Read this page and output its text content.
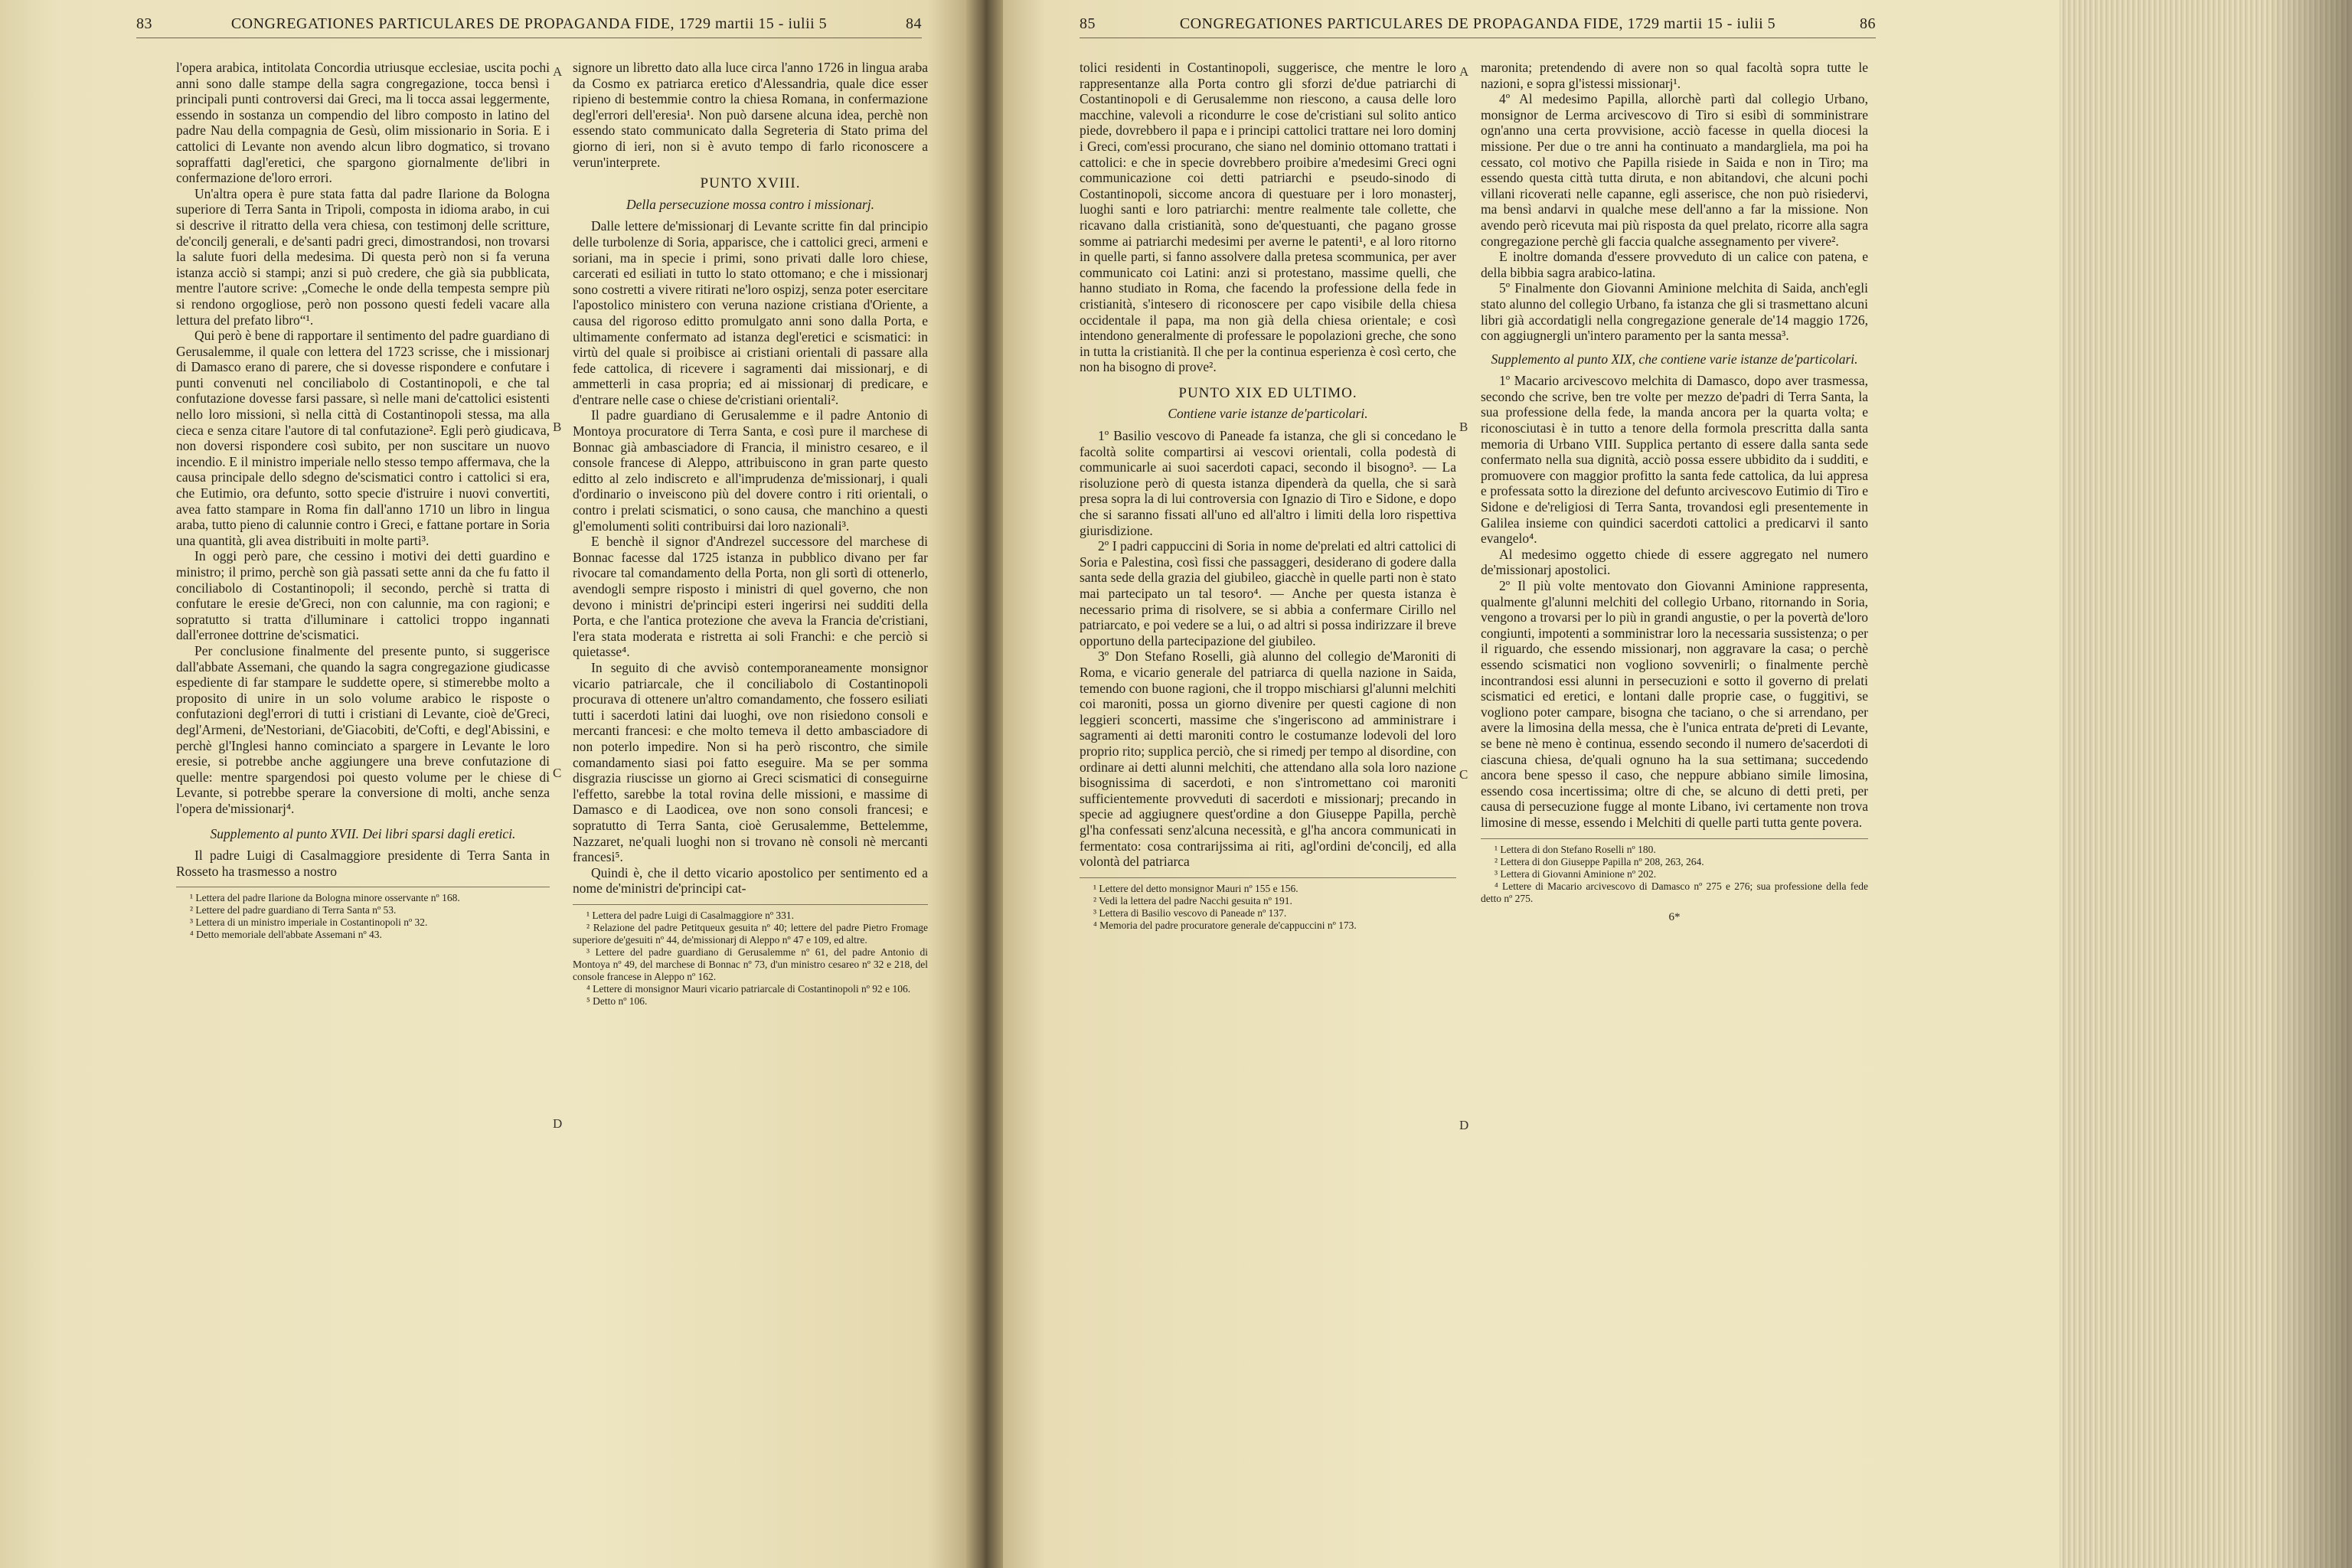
83	CONGREGATIONES PARTICULARES DE PROPAGANDA FIDE, 1729 martii 15 - iulii 5	84

l'opera arabica, intitolata Concordia utriusque ecclesiae, uscita pochi anni sono dalle stampe della sagra congregazione, tocca bensì i principali punti controversi dai Greci, ma li tocca assai leggermente, essendo in sostanza un compendio del libro composto in latino del padre Nau della compagnia de Gesù, olim missionario in Soria. E i cattolici di Levante non avendo alcun libro dogmatico, si trovano sopraffatti dagl'eretici, che spargono giornalmente de'libri in confermazione de'loro errori.

Un'altra opera è pure stata fatta dal padre Ilarione da Bologna superiore di Terra Santa in Tripoli, composta in idioma arabo, in cui si descrive il ritratto della vera chiesa, con testimonj delle scritture, de'concilj generali, e de'santi padri greci, dimostrandosi, non trovarsi la salute fuori della medesima. Di questa però non si fa veruna istanza acciò si stampi; anzi si può credere, che già sia pubblicata, mentre l'autore scrive: „Comeche le onde della tempesta sempre più si rendono orgogliose, però non possono questi fedeli vacare alla lettura del prefato libro“¹.

Qui però è bene di rapportare il sentimento del padre guardiano di Gerusalemme, il quale con lettera del 1723 scrisse, che i missionarj di Damasco erano di parere, che si dovesse rispondere e confutare i punti convenuti nel conciliabolo di Costantinopoli, e che tal confutazione dovesse farsi passare, sì nelle mani de'cattolici esistenti nello loro missioni, sì nella città di Costantinopoli stessa, ma alla cieca e senza citare l'autore di tal confutazione². Egli però giudicava, non doversi rispondere così subito, per non suscitare un nuovo incendio. E il ministro imperiale nello stesso tempo affermava, che la causa principale dello sdegno de'scismatici contro i cattolici si era, che Eutimio, ora defunto, sotto specie d'istruire i nuovi convertiti, avea fatto stampare in Roma fin dall'anno 1710 un libro in lingua araba, tutto pieno di calunnie contro i Greci, e fattane portare in Soria una quantità, gli avea distribuiti in molte parti³.

In oggi però pare, che cessino i motivi dei detti guardino e ministro; il primo, perchè son già passati sette anni da che fu fatto il conciliabolo di Costantinopoli; il secondo, perchè si tratta di confutare le eresie de'Greci, non con calunnie, ma con ragioni; e sopratutto si tratta d'illuminare i cattolici troppo ingannati dall'erronee dottrine de'scismatici.

Per conclusione finalmente del presente punto, si suggerisce dall'abbate Assemani, che quando la sagra congregazione giudicasse espediente di far stampare le suddette opere, si stimerebbe molto a proposito di unire in un solo volume arabico le risposte o confutazioni degl'errori di tutti i cristiani di Levante, cioè de'Greci, degl'Armeni, de'Nestoriani, de'Giacobiti, de'Cofti, e degl'Abissini, e perchè gl'Inglesi hanno cominciato a spargere in Levante le loro eresie, si potrebbe anche aggiungere una breve confutazione di quelle: mentre spargendosi poi questo volume per le chiese di Levante, si potrebbe sperare la conversione di molti, anche senza l'opera de'missionarj⁴.

Supplemento al punto XVII. Dei libri sparsi dagli eretici.

Il padre Luigi di Casalmaggiore presidente di Terra Santa in Rosseto ha trasmesso a nostro

¹ Lettera del padre Ilarione da Bologna minore osservante nº 168.
² Lettere del padre guardiano di Terra Santa nº 53.
³ Lettera di un ministro imperiale in Costantinopoli nº 32.
⁴ Detto memoriale dell'abbate Assemani nº 43.

signore un libretto dato alla luce circa l'anno 1726 in lingua araba da Cosmo ex patriarca eretico d'Alessandria, quale dice esser ripieno di bestemmie contro la chiesa Romana, in confermazione degl'errori dell'eresia¹. Non può darsene alcuna idea, perchè non essendo stato communicato dalla Segreteria di Stato prima del giorno di ieri, non si è avuto tempo di farlo riconoscere a verun'interprete.

PUNTO XVIII.
Della persecuzione mossa contro i missionarj.

Dalle lettere de'missionarj di Levante scritte fin dal principio delle turbolenze di Soria, apparisce, che i cattolici greci, armeni e soriani, ma in specie i primi, sono privati dalle loro chiese, carcerati ed esiliati in tutto lo stato ottomano; e che i missionarj sono costretti a vivere ritirati ne'loro ospizj, senza poter esercitare l'apostolico ministero con veruna nazione cristiana d'Oriente, a causa del rigoroso editto promulgato anni sono dalla Porta, e ultimamente confermato ad istanza degl'eretici e scismatici: in virtù del quale si proibisce ai cristiani orientali di passare alla fede cattolica, di ricevere i sagramenti dai missionarj, e di ammetterli in casa propria; ed ai missionarj di predicare, e d'entrare nelle case o chiese de'cristiani orientali².

Il padre guardiano di Gerusalemme e il padre Antonio di Montoya procuratore di Terra Santa, e così pure il marchese di Bonnac già ambasciadore di Francia, il ministro cesareo, e il console francese di Aleppo, attribuiscono in gran parte questo editto al zelo indiscreto e all'imprudenza de'missionarj, i quali d'ordinario o inveiscono più del dovere contro i riti orientali, o contro i prelati scismatici, o sono causa, che manchino a questi gl'emolumenti soliti contribuirsi dai loro nazionali³.

E benchè il signor d'Andrezel successore del marchese di Bonnac facesse dal 1725 istanza in pubblico divano per far rivocare tal comandamento della Porta, non gli sortì di ottenerlo, avendogli sempre risposto i ministri di quel governo, che non devono i ministri de'principi esteri ingerirsi nei sudditi della Porta, e che l'antica protezione che aveva la Francia de'cristiani, l'era stata moderata e ristretta ai soli Franchi: e che perciò si quietasse⁴.

In seguito di che avvisò contemporaneamente monsignor vicario patriarcale, che il conciliabolo di Costantinopoli procurava di ottenere un'altro comandamento, che fossero esiliati tutti i sacerdoti latini dai luoghi, ove non risiedono consoli e mercanti francesi: e che molto temeva il detto ambasciadore di non poterlo impedire. Non si ha però riscontro, che simile comandamento siasi poi fatto eseguire. Ma se per somma disgrazia riuscisse un giorno ai Greci scismatici di conseguirne l'effetto, sarebbe la total rovina delle missioni, e massime di Damasco e di Laodicea, ove non sono consoli francesi; e sopratutto di Terra Santa, cioè Gerusalemme, Bettelemme, Nazzaret, ne'quali luoghi non si trovano nè consoli nè mercanti francesi⁵.

Quindi è, che il detto vicario apostolico per sentimento ed a nome de'ministri de'principi cat-

¹ Lettera del padre Luigi di Casalmaggiore nº 331.
² Relazione del padre Petitqueux gesuita nº 40; lettere del padre Pietro Fromage superiore de'gesuiti nº 44, de'missionarj di Aleppo nº 47 e 109, ed altre.
³ Lettere del padre guardiano di Gerusalemme nº 61, del padre Antonio di Montoya nº 49, del marchese di Bonnac nº 73, d'un ministro cesareo nº 32 e 218, del console francese in Aleppo nº 162.
⁴ Lettere di monsignor Mauri vicario patriarcale di Costantinopoli nº 92 e 106.
⁵ Detto nº 106.
A
B
C
D
85	CONGREGATIONES PARTICULARES DE PROPAGANDA FIDE, 1729 martii 15 - iulii 5	86

tolici residenti in Costantinopoli, suggerisce, che mentre le loro rappresentanze alla Porta contro gli sforzi de'due patriarchi di Costantinopoli e di Gerusalemme non riescono, a causa delle loro macchine, valevoli a ricondurre le cose de'cristiani sul solito antico piede, dovrebbero il papa e i principi cattolici trattare nei loro dominj i Greci, com'essi procurano, che siano nel dominio ottomano trattati i cattolici: e che in specie dovrebbero proibire a'medesimi Greci ogni communicazione coi detti patriarchi e pseudo-sinodo di Costantinopoli, siccome ancora di questuare per i loro monasterj, luoghi santi e loro patriarchi: mentre realmente tale collette, che ricavano dalla cristianità, sono de'questuanti, che pagano grosse somme ai patriarchi medesimi per averne le patenti¹, e al loro ritorno in quelle parti, si fanno assolvere dalla pretesa scommunica, per aver communicato coi Latini: anzi si protestano, massime quelli, che hanno studiato in Roma, che facendo la professione della fede in cristianità, s'intesero di riconoscere per capo visibile della chiesa occidentale il papa, ma non già della chiesa orientale; e così intendono generalmente di professare le popolazioni greche, che sono in tutta la cristianità. Il che per la continua esperienza è così certo, che non ha bisogno di prove².

PUNTO XIX ED ULTIMO.
Contiene varie istanze de'particolari.

1º Basilio vescovo di Paneade fa istanza, che gli si concedano le facoltà solite compartirsi ai vescovi orientali, colla podestà di communicarle ai suoi sacerdoti capaci, secondo il bisogno³. — La risoluzione però di questa istanza dipenderà da quella, che si sarà presa sopra la di lui controversia con Ignazio di Tiro e Sidone, e dopo che si saranno fissati all'uno ed all'altro i limiti della loro rispettiva giurisdizione.

2º I padri cappuccini di Soria in nome de'prelati ed altri cattolici di Soria e Palestina, così fissi che passaggeri, desiderano di godere dalla santa sede della grazia del giubileo, giacchè in quelle parti non è stato mai partecipato un tal tesoro⁴. — Anche per questa istanza è necessario prima di risolvere, se si abbia a confermare Cirillo nel patriarcato, e poi vedere se a lui, o ad altri si possa indirizzare il breve opportuno della partecipazione del giubileo.

3º Don Stefano Roselli, già alunno del collegio de'Maroniti di Roma, e vicario generale del patriarca di quella nazione in Saida, temendo con buone ragioni, che il troppo mischiarsi gl'alunni melchiti coi maroniti, possa un giorno divenire per questi cagione di non leggieri sconcerti, massime che s'ingeriscono ad amministrare i sagramenti ai detti maroniti contro le costumanze lodevoli del loro proprio rito; supplica perciò, che si rimedj per tempo al disordine, con ordinare ai detti alunni melchiti, che attendano alla sola loro nazione bisognissima di sacerdoti, e non s'intromettano coi maroniti sufficientemente provveduti di sacerdoti e missionarj; precando in specie ad aggiugnere quest'ordine a don Giuseppe Papilla, perchè gl'ha confessati senz'alcuna necessità, e gl'ha ancora communicati in fermentato: cosa contrarijssima ai riti, agl'ordini de'concilj, ed alla volontà del patriarca

¹ Lettere del detto monsignor Mauri nº 155 e 156.
² Vedi la lettera del padre Nacchi gesuita nº 191.
³ Lettera di Basilio vescovo di Paneade nº 137.
⁴ Memoria del padre procuratore generale de'cappuccini nº 173.

maronita; pretendendo di avere non so qual facoltà sopra tutte le nazioni, e sopra gl'istessi missionarj¹.

4º Al medesimo Papilla, allorchè partì dal collegio Urbano, monsignor de Lerma arcivescovo di Tiro si esibì di somministrare ogn'anno una certa provvisione, acciò facesse in quella diocesi la missione. Per due o tre anni ha continuato a mandargliela, ma poi ha cessato, col motivo che Papilla risiede in Saida e non in Tiro; ma essendo questa città tutta diruta, e non abitandovi, che alcuni pochi villani ricoverati nelle capanne, egli asserisce, che non può risiedervi, ma bensì andarvi in qualche mese dell'anno a far la missione. Non avendo però ricevuta mai più risposta da quel prelato, ricorre alla sagra congregazione perchè gli faccia qualche assegnamento per vivere².

E inoltre domanda d'essere provveduto di un calice con patena, e della bibbia sagra arabico-latina.

5º Finalmente don Giovanni Aminione melchita di Saida, anch'egli stato alunno del collegio Urbano, fa istanza che gli si trasmettano alcuni libri già accordatigli nella congregazione generale de'14 maggio 1726, con aggiugnergli un'intero paramento per la santa messa³.

Supplemento al punto XIX, che contiene varie istanze de'particolari.

1º Macario arcivescovo melchita di Damasco, dopo aver trasmessa, secondo che scrive, ben tre volte per mezzo de'padri di Terra Santa, la sua professione della fede, la manda ancora per la quarta volta; e riconosciutasi è in tutto a tenore della formola prescritta dalla santa memoria di Urbano VIII. Supplica pertanto di essere dalla santa sede confermato nella sua dignità, acciò possa essere ubbidito da i sudditi, e promuovere con maggior profitto la santa fede cattolica, da lui appresa e professata sotto la direzione del defunto arcivescovo Eutimio di Tiro e Sidone e de'religiosi di Terra Santa, trovandosi egli presentemente in Galilea insieme con quindici sacerdoti cattolici a predicarvi il santo evangelo⁴.

Al medesimo oggetto chiede di essere aggregato nel numero de'missionarj apostolici.

2º Il più volte mentovato don Giovanni Aminione rappresenta, qualmente gl'alunni melchiti del collegio Urbano, ritornando in Soria, vengono a trovarsi per lo più in grandi angustie, o per la povertà de'loro congiunti, impotenti a somministrar loro la necessaria sussistenza; o per il riguardo, che essendo missionarj, non aggravare la casa; o perchè essendo scismatici non vogliono sovvenirli; o finalmente perchè incontrandosi essi alunni in persecuzioni e sotto il governo di prelati scismatici ed eretici, e lontani dalle proprie case, o fuggitivi, se vogliono poter campare, bisogna che taciano, o che si arrendano, per avere la limosina della messa, che è l'unica entrata de'preti di Levante, se bene nè meno è continua, essendo secondo il numero de'sacerdoti di ciascuna chiesa, de'quali ognuno ha la sua settimana; succedendo ancora bene spesso il caso, che neppure abbiano simile limosina, essendo cosa incertissima; oltre di che, se alcuno di detti preti, per causa di persecuzione fugge al monte Libano, ivi certamente non trova limosine di messe, essendo i Melchiti di quelle parti tutta gente povera.

¹ Lettera di don Stefano Roselli nº 180.
² Lettera di don Giuseppe Papilla nº 208, 263, 264.
³ Lettera di Giovanni Aminione nº 202.
⁴ Lettere di Macario arcivescovo di Damasco nº 275 e 276; sua professione della fede detto nº 275.
6*
A
B
C
D
